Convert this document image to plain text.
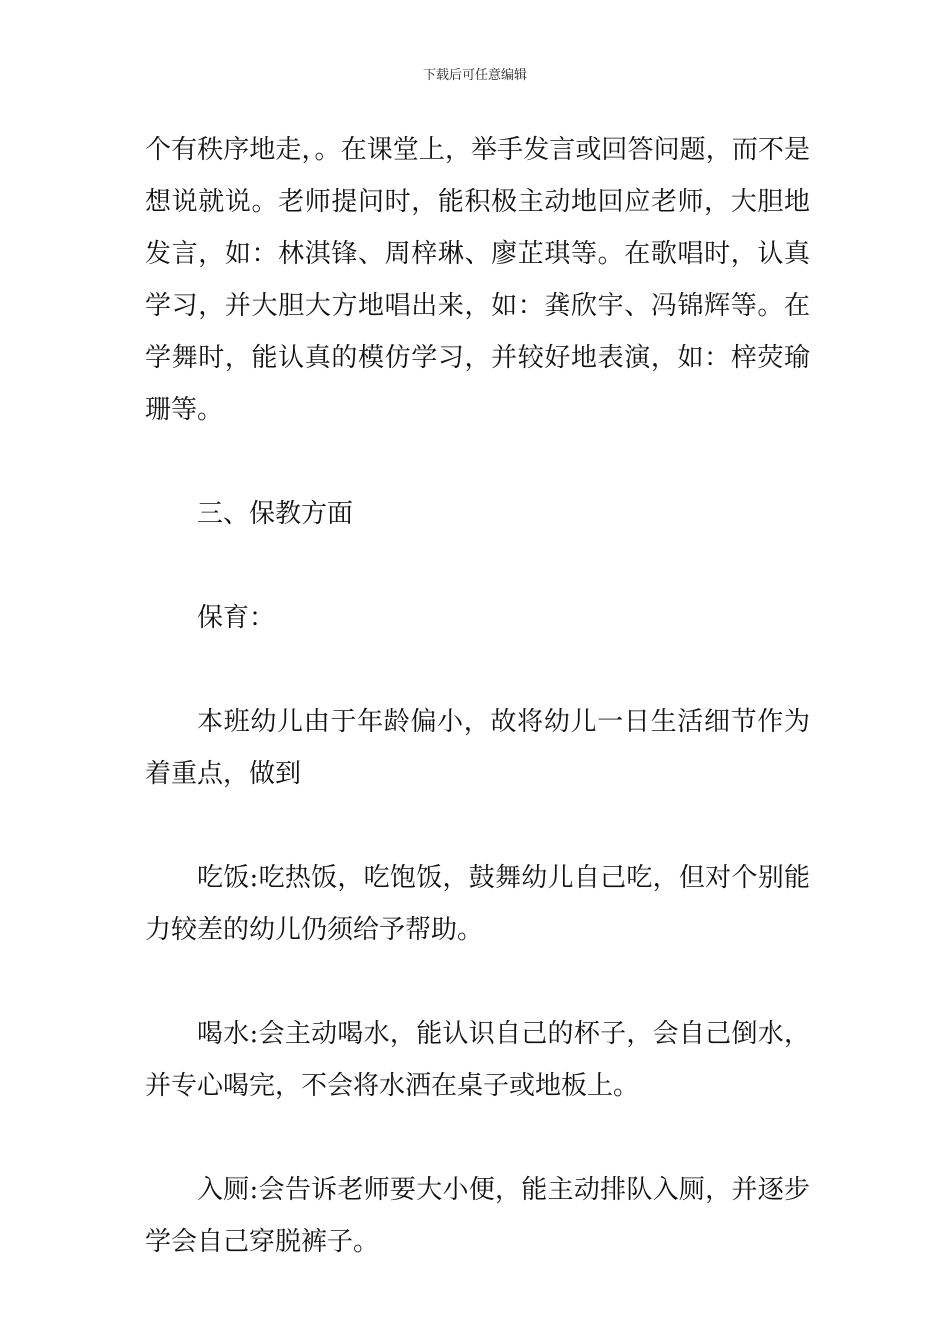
下载后可任意编辑

个有秩序地走，。在课堂上，举手发言或回答问题，而不是想说就说。老师提问时，能积极主动地回应老师，大胆地发言，如：林淇锋、周梓琳、廖芷琪等。在歌唱时，认真学习，并大胆大方地唱出来，如：龚欣宇、冯锦辉等。在学舞时，能认真的模仿学习，并较好地表演，如：梓荧瑜珊等。

三、保教方面

保育：

本班幼儿由于年龄偏小，故将幼儿一日生活细节作为着重点，做到

吃饭:吃热饭，吃饱饭，鼓舞幼儿自己吃，但对个别能力较差的幼儿仍须给予帮助。

喝水:会主动喝水，能认识自己的杯子，会自己倒水，并专心喝完，不会将水洒在桌子或地板上。

入厕:会告诉老师要大小便，能主动排队入厕，并逐步学会自己穿脱裤子。
